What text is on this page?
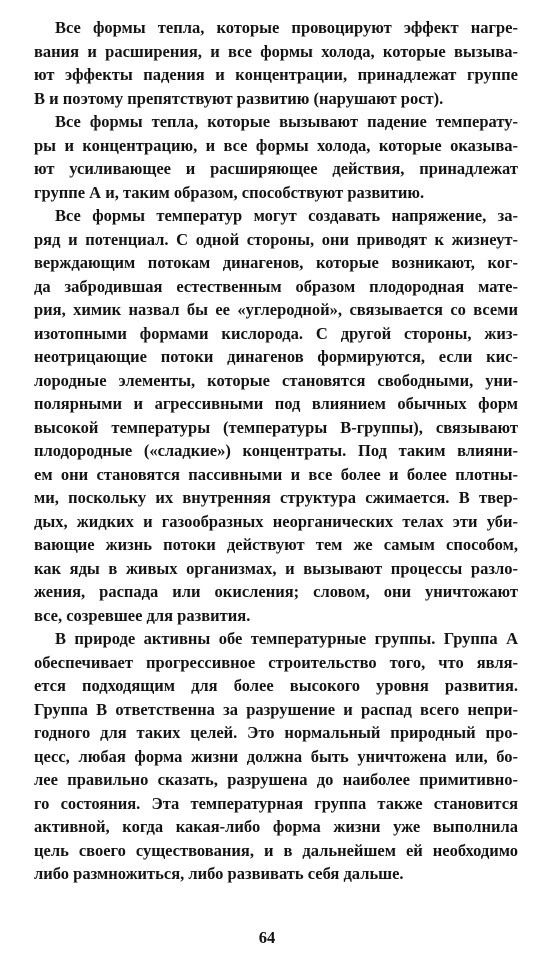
Все формы тепла, которые провоцируют эффект нагре-
вания и расширения, и все формы холода, которые вызыва-
ют эффекты падения и концентрации, принадлежат группе
В и поэтому препятствуют развитию (нарушают рост).
Все формы тепла, которые вызывают падение температу-
ры и концентрацию, и все формы холода, которые оказыва-
ют усиливающее и расширяющее действия, принадлежат
группе А и, таким образом, способствуют развитию.
Все формы температур могут создавать напряжение, за-
ряд и потенциал. С одной стороны, они приводят к жизнеут-
верждающим потокам динагенов, которые возникают, ког-
да забродившая естественным образом плодородная мате-
рия, химик назвал бы ее «углеродной», связывается со всеми
изотопными формами кислорода. С другой стороны, жиз-
неотрицающие потоки динагенов формируются, если кис-
лородные элементы, которые становятся свободными, уни-
полярными и агрессивными под влиянием обычных форм
высокой температуры (температуры В-группы), связывают
плодородные («сладкие») концентраты. Под таким влияни-
ем они становятся пассивными и все более и более плотны-
ми, поскольку их внутренняя структура сжимается. В твер-
дых, жидких и газообразных неорганических телах эти уби-
вающие жизнь потоки действуют тем же самым способом,
как яды в живых организмах, и вызывают процессы разло-
жения, распада или окисления; словом, они уничтожают
все, созревшее для развития.
В природе активны обе температурные группы. Группа А
обеспечивает прогрессивное строительство того, что явля-
ется подходящим для более высокого уровня развития.
Группа В ответственна за разрушение и распад всего непри-
годного для таких целей. Это нормальный природный про-
цесс, любая форма жизни должна быть уничтожена или, бо-
лее правильно сказать, разрушена до наиболее примитивно-
го состояния. Эта температурная группа также становится
активной, когда какая-либо форма жизни уже выполнила
цель своего существования, и в дальнейшем ей необходимо
либо размножиться, либо развивать себя дальше.
64
